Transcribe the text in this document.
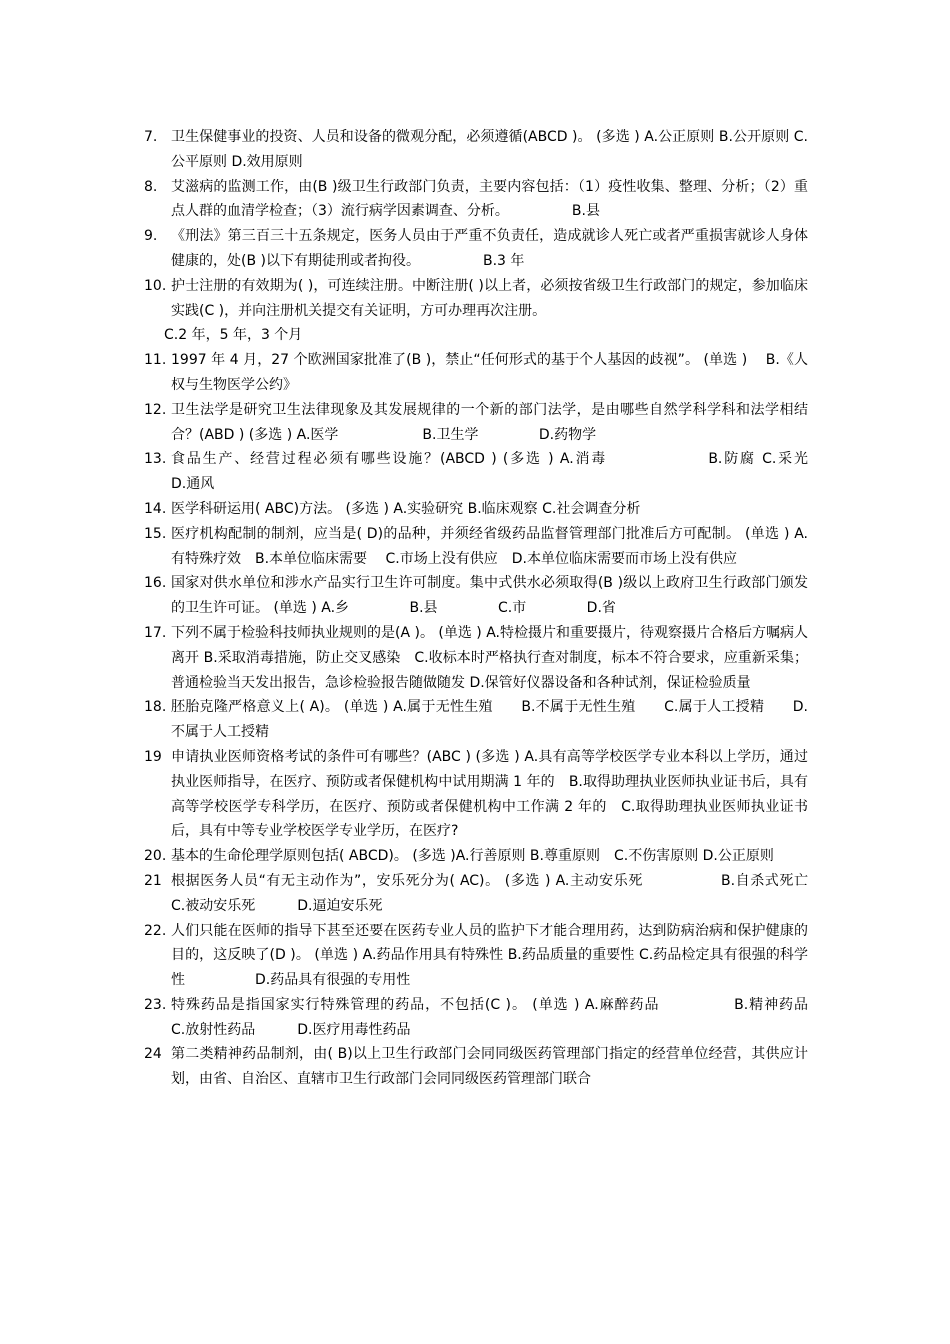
7. 卫生保健事业的投资、人员和设备的微观分配，必须遵循(ABCD )。 (多选 ) A.公正原则 B.公开原则 C.公平原则 D.效用原则
8. 艾滋病的监测工作，由(B )级卫生行政部门负责，主要内容包括：（1）疫性收集、整理、分析；（2）重点人群的血清学检查；（3）流行病学因素调查、分析。　　　　　B.县
9. 《刑法》第三百三十五条规定，医务人员由于严重不负责任，造成就诊人死亡或者严重损害就诊人身体健康的，处(B )以下有期徒刑或者拘役。　　　　　B.3 年
10. 护士注册的有效期为( )，可连续注册。中断注册( )以上者，必须按省级卫生行政部门的规定，参加临床实践(C )，并向注册机关提交有关证明，方可办理再次注册。
C.2 年，5 年，3 个月
11. 1997 年 4 月，27 个欧洲国家批准了(B )，禁止“任何形式的基于个人基因的歧视”。 (单选 )　 B.《人权与生物医学公约》
12. 卫生法学是研究卫生法律现象及其发展规律的一个新的部门法学，是由哪些自然学科学科和法学相结合？(ABD ) (多选 ) A.医学　　　　　　B.卫生学　　　　 D.药物学
13. 食品生产、经营过程必须有哪些设施？(ABCD ) (多选 ) A.消毒　　　　　　 B.防腐 C.采光　　　　 D.通风
14. 医学科研运用( ABC)方法。 (多选 ) A.实验研究 B.临床观察 C.社会调查分析
15. 医疗机构配制的制剂，应当是( D)的品种，并须经省级药品监督管理部门批准后方可配制。 (单选 ) A.有特殊疗效　B.本单位临床需要　 C.市场上没有供应　D.本单位临床需要而市场上没有供应
16. 国家对供水单位和涉水产品实行卫生许可制度。集中式供水必须取得(B )级以上政府卫生行政部门颁发的卫生许可证。 (单选 ) A.乡　　　　 B.县　　　　 C.市　　　　 D.省
17. 下列不属于检验科技师执业规则的是(A )。 (单选 ) A.特检摄片和重要摄片，待观察摄片合格后方嘱病人离开 B.采取消毒措施，防止交叉感染　C.收标本时严格执行查对制度，标本不符合要求，应重新采集；普通检验当天发出报告，急诊检验报告随做随发 D.保管好仪器设备和各种试剂，保证检验质量
18. 胚胎克隆严格意义上( A)。 (单选 ) A.属于无性生殖　　B.不属于无性生殖　　C.属于人工授精　　D.不属于人工授精
19 申请执业医师资格考试的条件可有哪些？(ABC ) (多选 ) A.具有高等学校医学专业本科以上学历，通过执业医师指导，在医疗、预防或者保健机构中试用期满 1 年的　B.取得助理执业医师执业证书后，具有高等学校医学专科学历，在医疗、预防或者保健机构中工作满 2 年的　C.取得助理执业医师执业证书后，具有中等专业学校医学专业学历，在医疗?
20. 基本的生命伦理学原则包括( ABCD)。 (多选 )A.行善原则 B.尊重原则　C.不伤害原则 D.公正原则
21 根据医务人员“有无主动作为”，安乐死分为( AC)。 (多选 ) A.主动安乐死　　　　　 B.自杀式死亡　　　　C.被动安乐死　　　D.逼迫安乐死
22. 人们只能在医师的指导下甚至还要在医药专业人员的监护下才能合理用药，达到防病治病和保护健康的目的，这反映了(D )。 (单选 ) A.药品作用具有特殊性 B.药品质量的重要性 C.药品检定具有很强的科学性　　　　　D.药品具有很强的专用性
23. 特殊药品是指国家实行特殊管理的药品，不包括(C )。 (单选 ) A.麻醉药品　　　　　B.精神药品　　　　C.放射性药品　　　D.医疗用毒性药品
24 第二类精神药品制剂，由( B)以上卫生行政部门会同同级医药管理部门指定的经营单位经营，其供应计划，由省、自治区、直辖市卫生行政部门会同同级医药管理部门联合
